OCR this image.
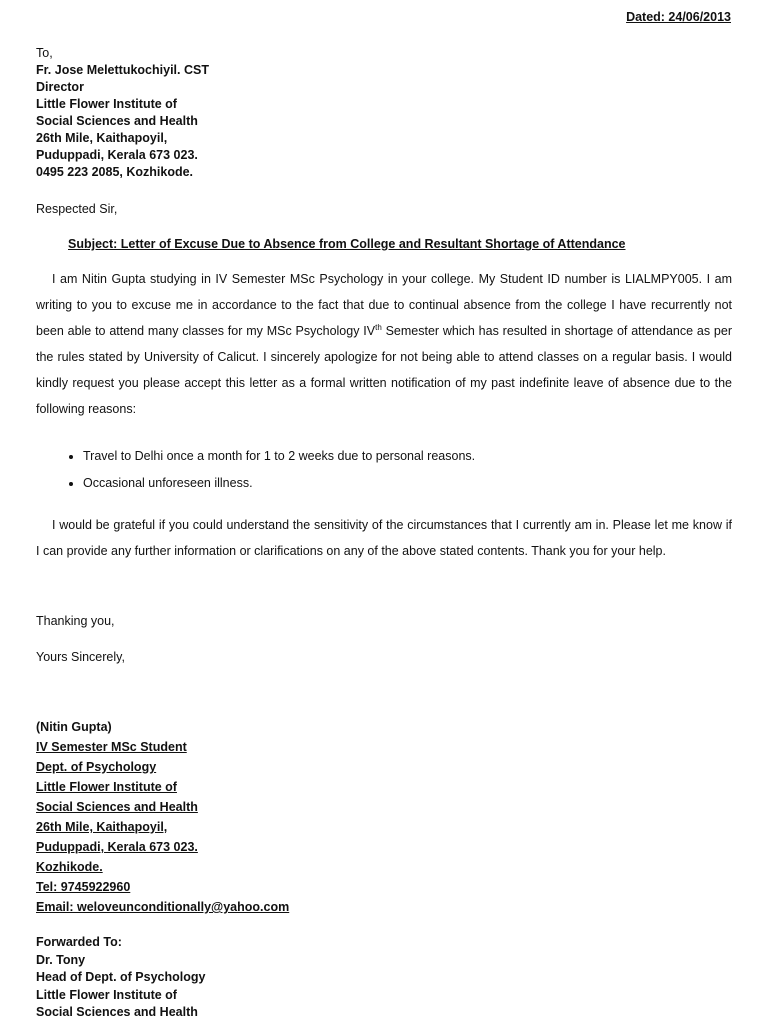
Dated: 24/06/2013
To,
Fr. Jose Melettukochiyil. CST
Director
Little Flower Institute of
Social Sciences and Health
26th Mile, Kaithapoyil,
Puduppadi, Kerala 673 023.
0495 223 2085, Kozhikode.
Respected Sir,
Subject: Letter of Excuse Due to Absence from College and Resultant Shortage of Attendance
I am Nitin Gupta studying in IV Semester MSc Psychology in your college. My Student ID number is LIALMPY005. I am writing to you to excuse me in accordance to the fact that due to continual absence from the college I have recurrently not been able to attend many classes for my MSc Psychology IVth Semester which has resulted in shortage of attendance as per the rules stated by University of Calicut. I sincerely apologize for not being able to attend classes on a regular basis. I would kindly request you please accept this letter as a formal written notification of my past indefinite leave of absence due to the following reasons:
• Travel to Delhi once a month for 1 to 2 weeks due to personal reasons.
• Occasional unforeseen illness.
I would be grateful if you could understand the sensitivity of the circumstances that I currently am in. Please let me know if I can provide any further information or clarifications on any of the above stated contents. Thank you for your help.
Thanking you,
Yours Sincerely,
(Nitin Gupta)
IV Semester MSc Student
Dept. of Psychology
Little Flower Institute of
Social Sciences and Health
26th Mile, Kaithapoyil,
Puduppadi, Kerala 673 023.
Kozhikode.
Tel: 9745922960
Email: weloveunconditionally@yahoo.com
Forwarded To:
Dr. Tony
Head of Dept. of Psychology
Little Flower Institute of
Social Sciences and Health
